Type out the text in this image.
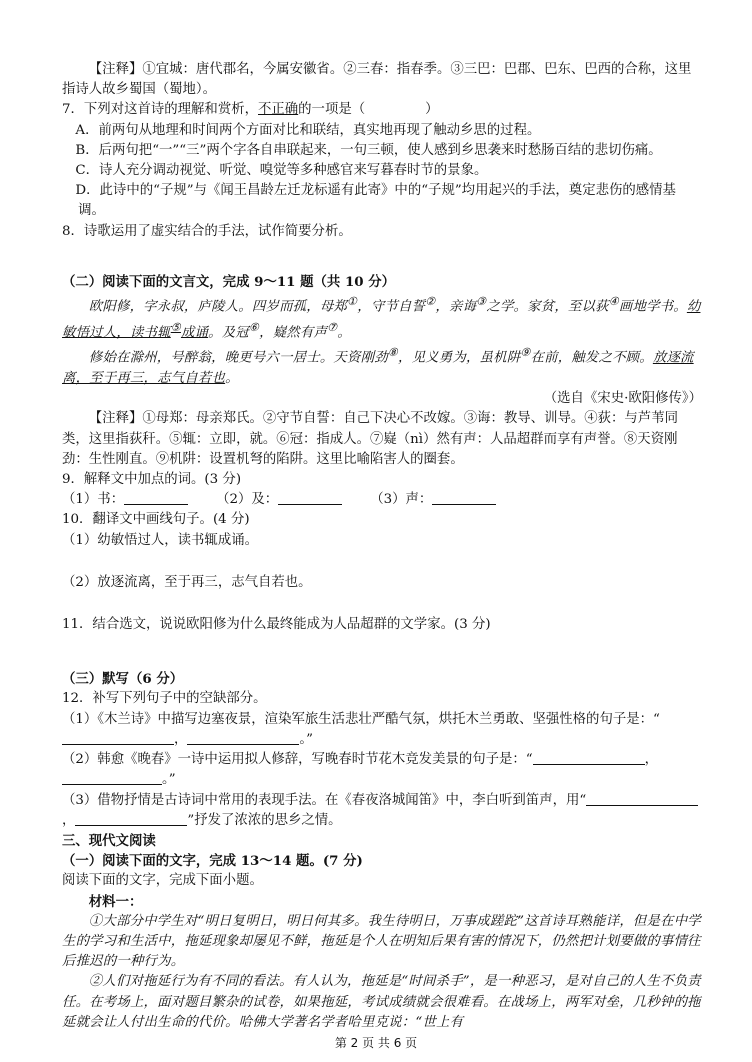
【注释】①宜城：唐代郡名，今属安徽省。②三春：指春季。③三巴：巴郡、巴东、巴西的合称，这里指诗人故乡蜀国（蜀地）。

7．下列对这首诗的理解和赏析，不正确的一项是（	）

A．前两句从地理和时间两个方面对比和联结，真实地再现了触动乡思的过程。

B．后两句把“一”“三”两个字各自串联起来，一句三顿，使人感到乡思袭来时愁肠百结的悲切伤痛。

C．诗人充分调动视觉、听觉、嗅觉等多种感官来写暮春时节的景象。

D．此诗中的“子规”与《闻王昌龄左迁龙标遥有此寄》中的“子规”均用起兴的手法，奠定悲伤的感情基调。

8．诗歌运用了虚实结合的手法，试作简要分析。

（二）阅读下面的文言文，完成 9～11 题（共 10 分）

欧阳修，字永叔，庐陵人。四岁而孤，母郑①，守节自誓②，亲诲③之学。家贫，至以荻④画地学书。幼敏悟过人，读书辄⑤成诵。及冠⑥，嶷然有声⑦。

修始在滁州，号醉翁，晚更号六一居士。天资刚劲⑧，见义勇为，虽机阱⑨在前，触发之不顾。放逐流离，至于再三，志气自若也。

（选自《宋史·欧阳修传》）

【注释】①母郑：母亲郑氏。②守节自誓：自己下决心不改嫁。③诲：教导、训导。④荻：与芦苇同类，这里指荻秆。⑤辄：立即，就。⑥冠：指成人。⑦嶷（nì）然有声：人品超群而享有声誉。⑧天资刚劲：生性刚直。⑨机阱：设置机弩的陷阱。这里比喻陷害人的圈套。

9．解释文中加点的词。(3 分)

（1）书：	（2）及：	（3）声：

10．翻译文中画线句子。(4 分)

（1）幼敏悟过人，读书辄成诵。

（2）放逐流离，至于再三，志气自若也。

11．结合选文，说说欧阳修为什么最终能成为人品超群的文学家。(3 分)

（三）默写（6 分）

12．补写下列句子中的空缺部分。

（1）《木兰诗》中描写边塞夜景，渲染军旅生活悲壮严酷气氛，烘托木兰勇敢、坚强性格的句子是：“，	。”

（2）韩愈《晚春》一诗中运用拟人修辞，写晚春时节花木竞发美景的句子是：“	，。”

（3）借物抒情是古诗词中常用的表现手法。在《春夜洛城闻笛》中，李白听到笛声，用“，	”抒发了浓浓的思乡之情。

三、现代文阅读

（一）阅读下面的文字，完成 13～14 题。(7 分)

阅读下面的文字，完成下面小题。

材料一：

①大部分中学生对“明日复明日，明日何其多。我生待明日，万事成蹉跎”这首诗耳熟能详，但是在中学生的学习和生活中，拖延现象却屡见不鲜，拖延是个人在明知后果有害的情况下，仍然把计划要做的事情往后推迟的一种行为。

②人们对拖延行为有不同的看法。有人认为，拖延是“时间杀手”，是一种恶习，是对自己的人生不负责任。在考场上，面对题目繁杂的试卷，如果拖延，考试成绩就会很难看。在战场上，两军对垒，几秒钟的拖延就会让人付出生命的代价。哈佛大学著名学者哈里克说：“世上有

第 2 页 共 6 页
